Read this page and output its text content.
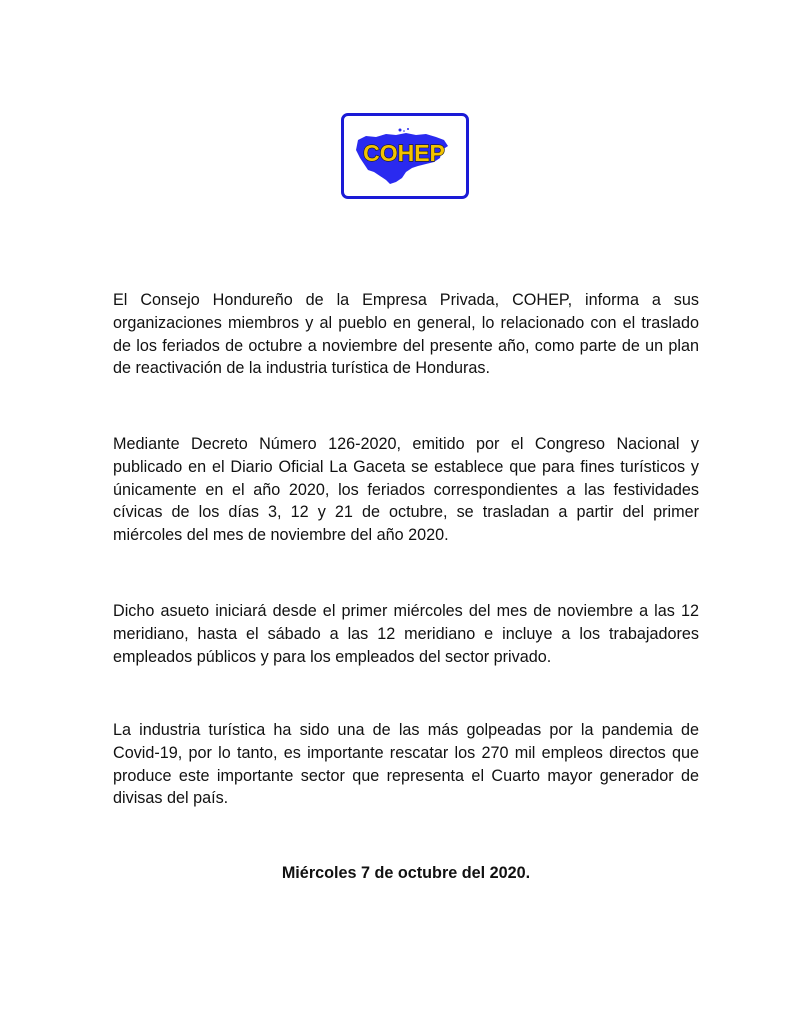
COHEP

El Consejo Hondureño de la Empresa Privada, COHEP, informa a sus organizaciones miembros y al pueblo en general, lo relacionado con el traslado de los feriados de octubre a noviembre del presente año, como parte de un plan de reactivación de la industria turística de Honduras.

Mediante Decreto Número 126-2020, emitido por el Congreso Nacional y publicado en el Diario Oficial La Gaceta se establece que para fines turísticos y únicamente en el año 2020, los feriados correspondientes a las festividades cívicas de los días 3, 12 y 21 de octubre, se trasladan a partir del primer miércoles del mes de noviembre del año 2020.

Dicho asueto iniciará desde el primer miércoles del mes de noviembre a las 12 meridiano, hasta el sábado a las 12 meridiano e incluye a los trabajadores empleados públicos y para los empleados del sector privado.

La industria turística ha sido una de las más golpeadas por la pandemia de Covid-19, por lo tanto, es importante rescatar los 270 mil empleos directos que produce este importante sector que representa el Cuarto mayor generador de divisas del país.

Miércoles 7 de octubre del 2020.
